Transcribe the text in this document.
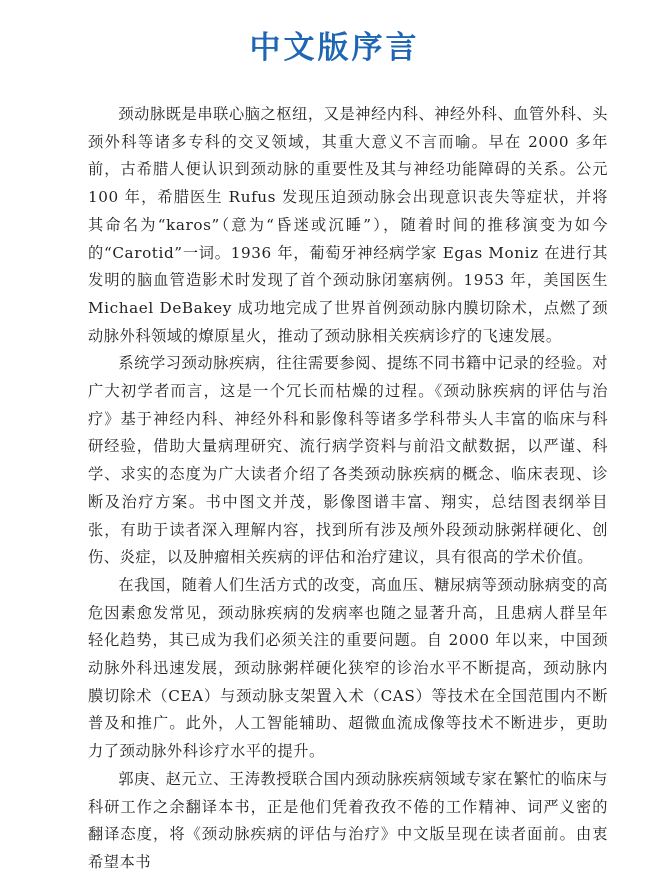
中文版序言

颈动脉既是串联心脑之枢纽，又是神经内科、神经外科、血管外科、头颈外科等诸多专科的交叉领域，其重大意义不言而喻。早在 2000 多年前，古希腊人便认识到颈动脉的重要性及其与神经功能障碍的关系。公元 100 年，希腊医生 Rufus 发现压迫颈动脉会出现意识丧失等症状，并将其命名为“karos”（意为“昏迷或沉睡”），随着时间的推移演变为如今的“Carotid”一词。1936 年，葡萄牙神经病学家 Egas Moniz 在进行其发明的脑血管造影术时发现了首个颈动脉闭塞病例。1953 年，美国医生 Michael DeBakey 成功地完成了世界首例颈动脉内膜切除术，点燃了颈动脉外科领域的燎原星火，推动了颈动脉相关疾病诊疗的飞速发展。

系统学习颈动脉疾病，往往需要参阅、提练不同书籍中记录的经验。对广大初学者而言，这是一个冗长而枯燥的过程。《颈动脉疾病的评估与治疗》基于神经内科、神经外科和影像科等诸多学科带头人丰富的临床与科研经验，借助大量病理研究、流行病学资料与前沿文献数据，以严谨、科学、求实的态度为广大读者介绍了各类颈动脉疾病的概念、临床表现、诊断及治疗方案。书中图文并茂，影像图谱丰富、翔实，总结图表纲举目张，有助于读者深入理解内容，找到所有涉及颅外段颈动脉粥样硬化、创伤、炎症，以及肿瘤相关疾病的评估和治疗建议，具有很高的学术价值。

在我国，随着人们生活方式的改变，高血压、糖尿病等颈动脉病变的高危因素愈发常见，颈动脉疾病的发病率也随之显著升高，且患病人群呈年轻化趋势，其已成为我们必须关注的重要问题。自 2000 年以来，中国颈动脉外科迅速发展，颈动脉粥样硬化狭窄的诊治水平不断提高，颈动脉内膜切除术（CEA）与颈动脉支架置入术（CAS）等技术在全国范围内不断普及和推广。此外，人工智能辅助、超微血流成像等技术不断进步，更助力了颈动脉外科诊疗水平的提升。

郭庚、赵元立、王涛教授联合国内颈动脉疾病领域专家在繁忙的临床与科研工作之余翻译本书，正是他们凭着孜孜不倦的工作精神、词严义密的翻译态度，将《颈动脉疾病的评估与治疗》中文版呈现在读者面前。由衷希望本书
